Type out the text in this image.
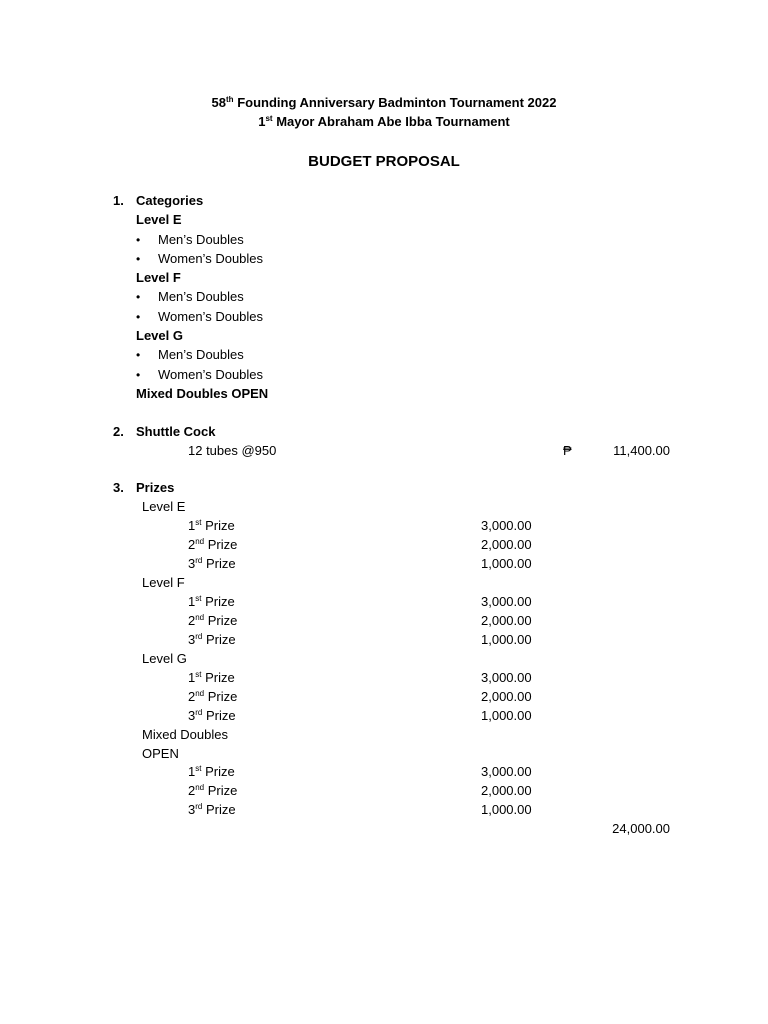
58th Founding Anniversary Badminton Tournament 2022
1st Mayor Abraham Abe Ibba Tournament
BUDGET PROPOSAL
1. Categories
Level E
• Men’s Doubles
• Women’s Doubles
Level F
• Men’s Doubles
• Women’s Doubles
Level G
• Men’s Doubles
• Women’s Doubles
Mixed Doubles OPEN
2. Shuttle Cock
12 tubes @950	₱	11,400.00
3. Prizes
Level E
1st Prize	3,000.00
2nd Prize	2,000.00
3rd Prize	1,000.00
Level F
1st Prize	3,000.00
2nd Prize	2,000.00
3rd Prize	1,000.00
Level G
1st Prize	3,000.00
2nd Prize	2,000.00
3rd Prize	1,000.00
Mixed Doubles
OPEN
1st Prize	3,000.00
2nd Prize	2,000.00
3rd Prize	1,000.00
24,000.00
